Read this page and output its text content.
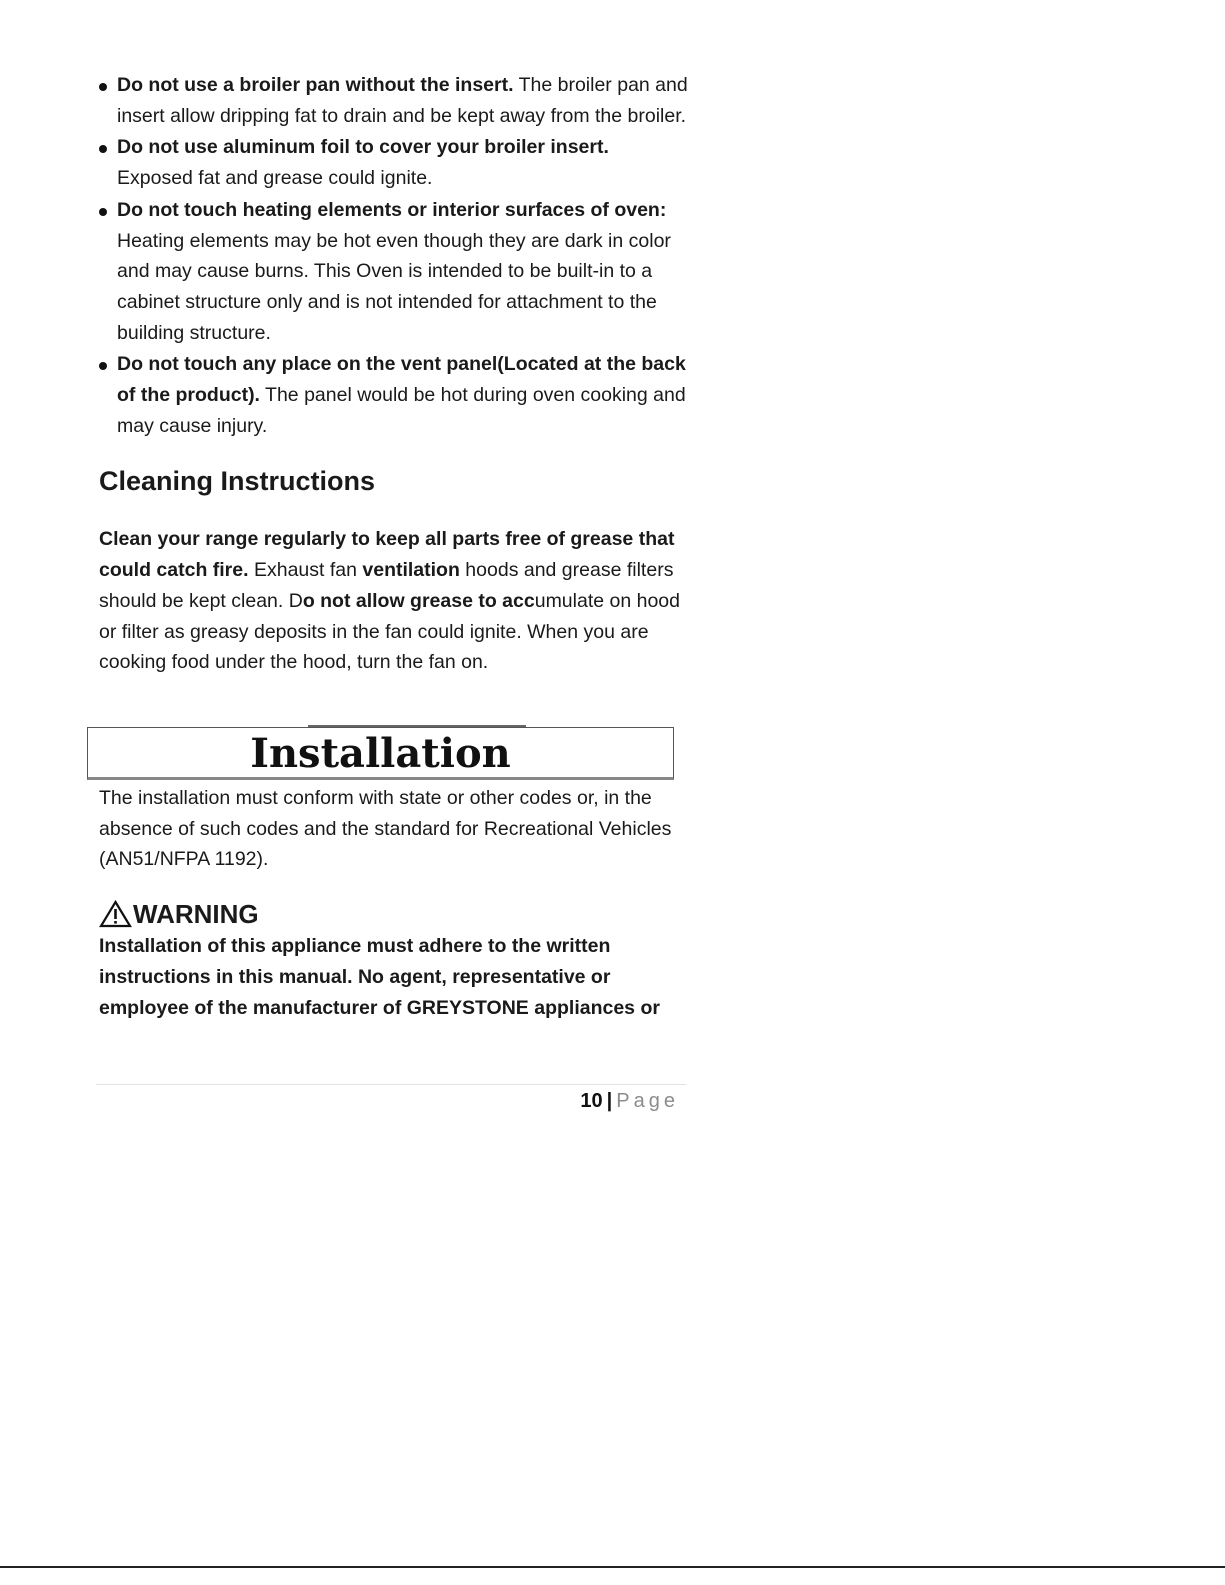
Do not use a broiler pan without the insert. The broiler pan and insert allow dripping fat to drain and be kept away from the broiler.
Do not use aluminum foil to cover your broiler insert. Exposed fat and grease could ignite.
Do not touch heating elements or interior surfaces of oven: Heating elements may be hot even though they are dark in color and may cause burns. This Oven is intended to be built-in to a cabinet structure only and is not intended for attachment to the building structure.
Do not touch any place on the vent panel(Located at the back of the product). The panel would be hot during oven cooking and may cause injury.
Cleaning Instructions

Clean your range regularly to keep all parts free of grease that could catch fire. Exhaust fan ventilation hoods and grease filters should be kept clean. Do not allow grease to accumulate on hood or filter as greasy deposits in the fan could ignite. When you are cooking food under the hood, turn the fan on.

Installation
The installation must conform with state or other codes or, in the absence of such codes and the standard for Recreational Vehicles (AN51/NFPA 1192).
WARNING
Installation of this appliance must adhere to the written instructions in this manual. No agent, representative or employee of the manufacturer of GREYSTONE appliances or
10 | Page
